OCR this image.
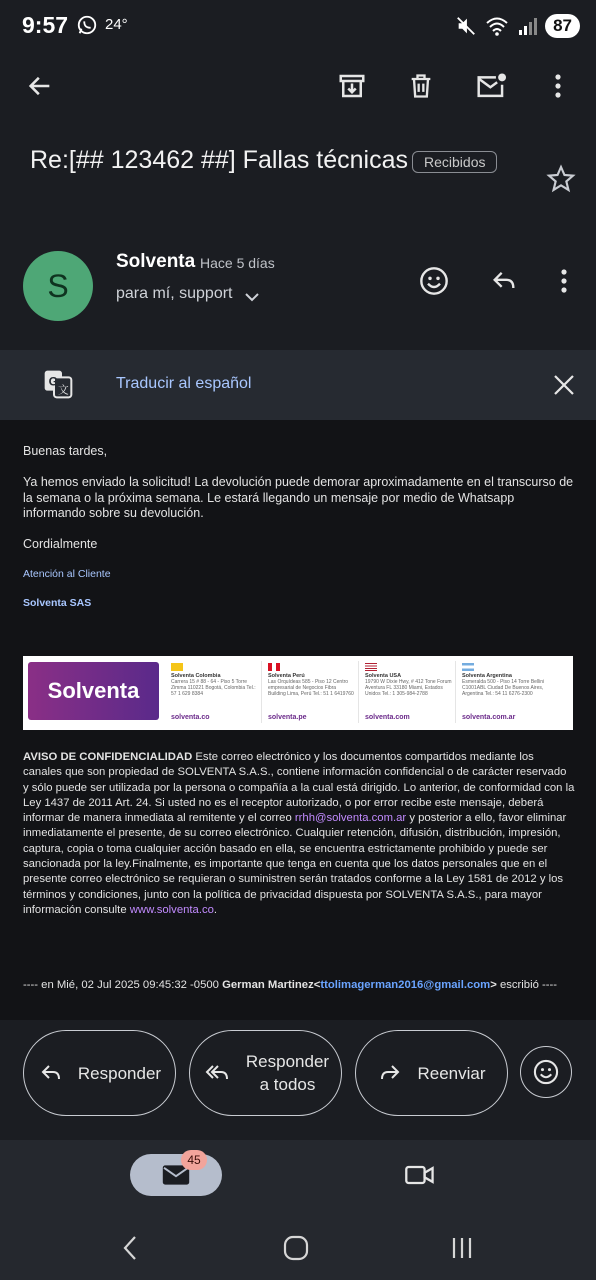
9:57 24°	87
Re:[## 123462 ##] Fallas técnicas	Recibidos
S
Solventa Hace 5 días
para mí, support
G
文	Traducir al español
Buenas tardes,
Ya hemos enviado la solicitud! La devolución puede demorar aproximadamente en el transcurso de la semana o la próxima semana. Le estará llegando un mensaje por medio de Whatsapp informando sobre su devolución.
Cordialmente
Atención al Cliente
Solventa SAS
Solventa
Solventa Colombia
Carrera 15 # 88 - 64 - Piso 5 Torre Zimma 110221 Bogotá, Colombia Tel.: 57 1 629 8384
solventa.co
Solventa Perú
Las Orquídeas 585 - Piso 12 Centro empresarial de Negocios Fibra Building Lima, Perú Tel.: 51 1 6419760
solventa.pe
Solventa USA
19790 W Dixie Hwy, # 412 Tone Forum Aventura FL 33180 Miami, Estados Unidos Tel.: 1 305-984-2788
solventa.com
Solventa Argentina
Esmeralda 500 - Piso 14 Torre Bellini C1001ABL Ciudad De Buenos Aires, Argentina Tel.: 54 11 6276-2300
solventa.com.ar
AVISO DE CONFIDENCIALIDAD Este correo electrónico y los documentos compartidos mediante los canales que son propiedad de SOLVENTA S.A.S., contiene información confidencial o de carácter reservado y sólo puede ser utilizada por la persona o compañía a la cual está dirigido. Lo anterior, de conformidad con la Ley 1437 de 2011 Art. 24. Si usted no es el receptor autorizado, o por error recibe este mensaje, deberá informar de manera inmediata al remitente y el correo rrhh@solventa.com.ar y posterior a ello, favor eliminar inmediatamente el presente, de su correo electrónico. Cualquier retención, difusión, distribución, impresión, captura, copia o toma cualquier acción basado en ella, se encuentra estrictamente prohibido y puede ser sancionada por la ley.Finalmente, es importante que tenga en cuenta que los datos personales que en el presente correo electrónico se requieran o suministren serán tratados conforme a la Ley 1581 de 2012 y los términos y condiciones, junto con la política de privacidad dispuesta por SOLVENTA S.A.S., para mayor información consulte www.solventa.co.
---- en Mié, 02 Jul 2025 09:45:32 -0500 German Martinez<ttolimagerman2016@gmail.com> escribió ----
Responder
Responder
a todos
Reenviar
45
